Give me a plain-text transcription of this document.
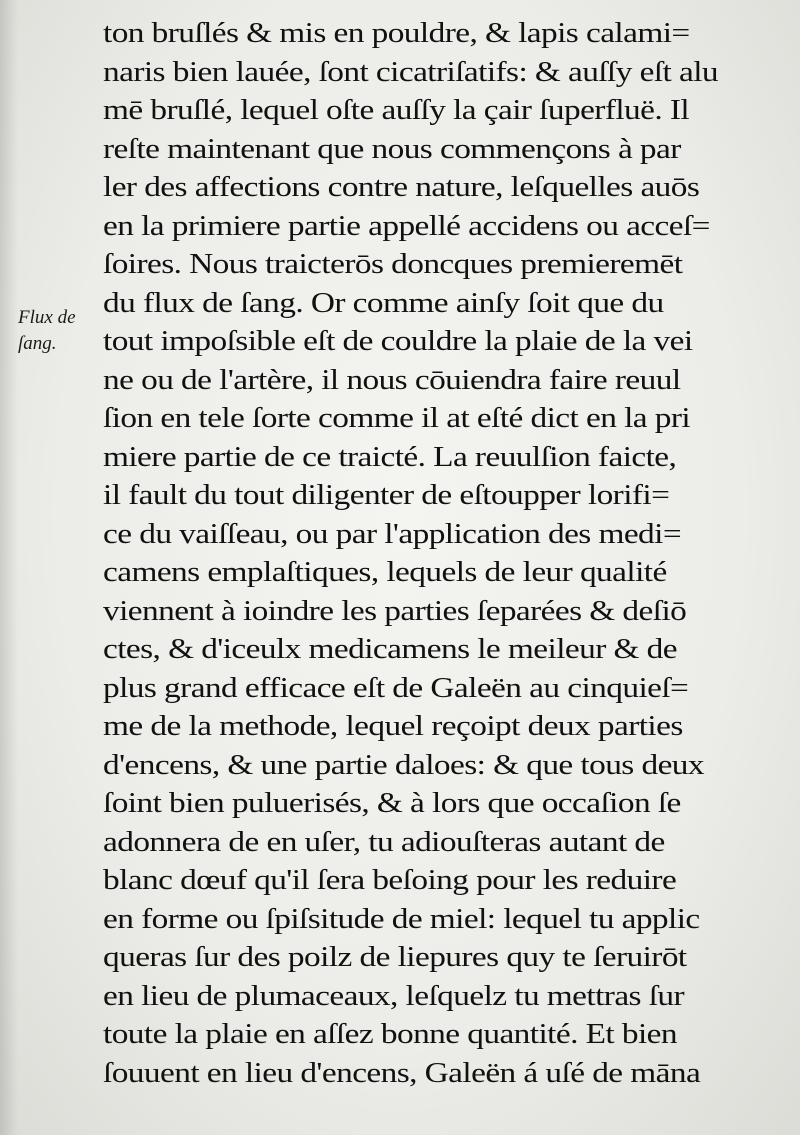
Flux de
ſang.
ton bruſlés & mis en pouldre, & lapis calami=
naris bien lauée, ſont cicatriſatifs: & auſſy eſt alu
mē bruſlé, lequel oſte auſſy la çair ſuperfluë. Il
reſte maintenant que nous commençons à par
ler des affections contre nature, leſquelles auōs
en la primiere partie appellé accidens ou acceſ=
ſoires. Nous traicterōs doncques premieremēt
du flux de ſang. Or comme ainſy ſoit que du
tout impoſsible eſt de couldre la plaie de la vei
ne ou de l'artère, il nous cōuiendra faire reuul
ſion en tele ſorte comme il at eſté dict en la pri
miere partie de ce traicté. La reuulſion faicte,
il fault du tout diligenter de eſtoupper lorifi=
ce du vaiſſeau, ou par l'application des medi=
camens emplaſtiques, lequels de leur qualité
viennent à ioindre les parties ſeparées & deſiō
ctes, & d'iceulx medicamens le meileur & de
plus grand efficace eſt de Galeën au cinquieſ=
me de la methode, lequel reçoipt deux parties
d'encens, & une partie daloes: & que tous deux
ſoint bien puluerisés, & à lors que occaſion ſe
adonnera de en uſer, tu adiouſteras autant de
blanc dœuf qu'il ſera beſoing pour les reduire
en forme ou ſpiſsitude de miel: lequel tu applic
queras ſur des poilz de liepures quy te ſeruirōt
en lieu de plumaceaux, leſquelz tu mettras ſur
toute la plaie en aſſez bonne quantité. Et bien
ſouuent en lieu d'encens, Galeën á uſé de māna
